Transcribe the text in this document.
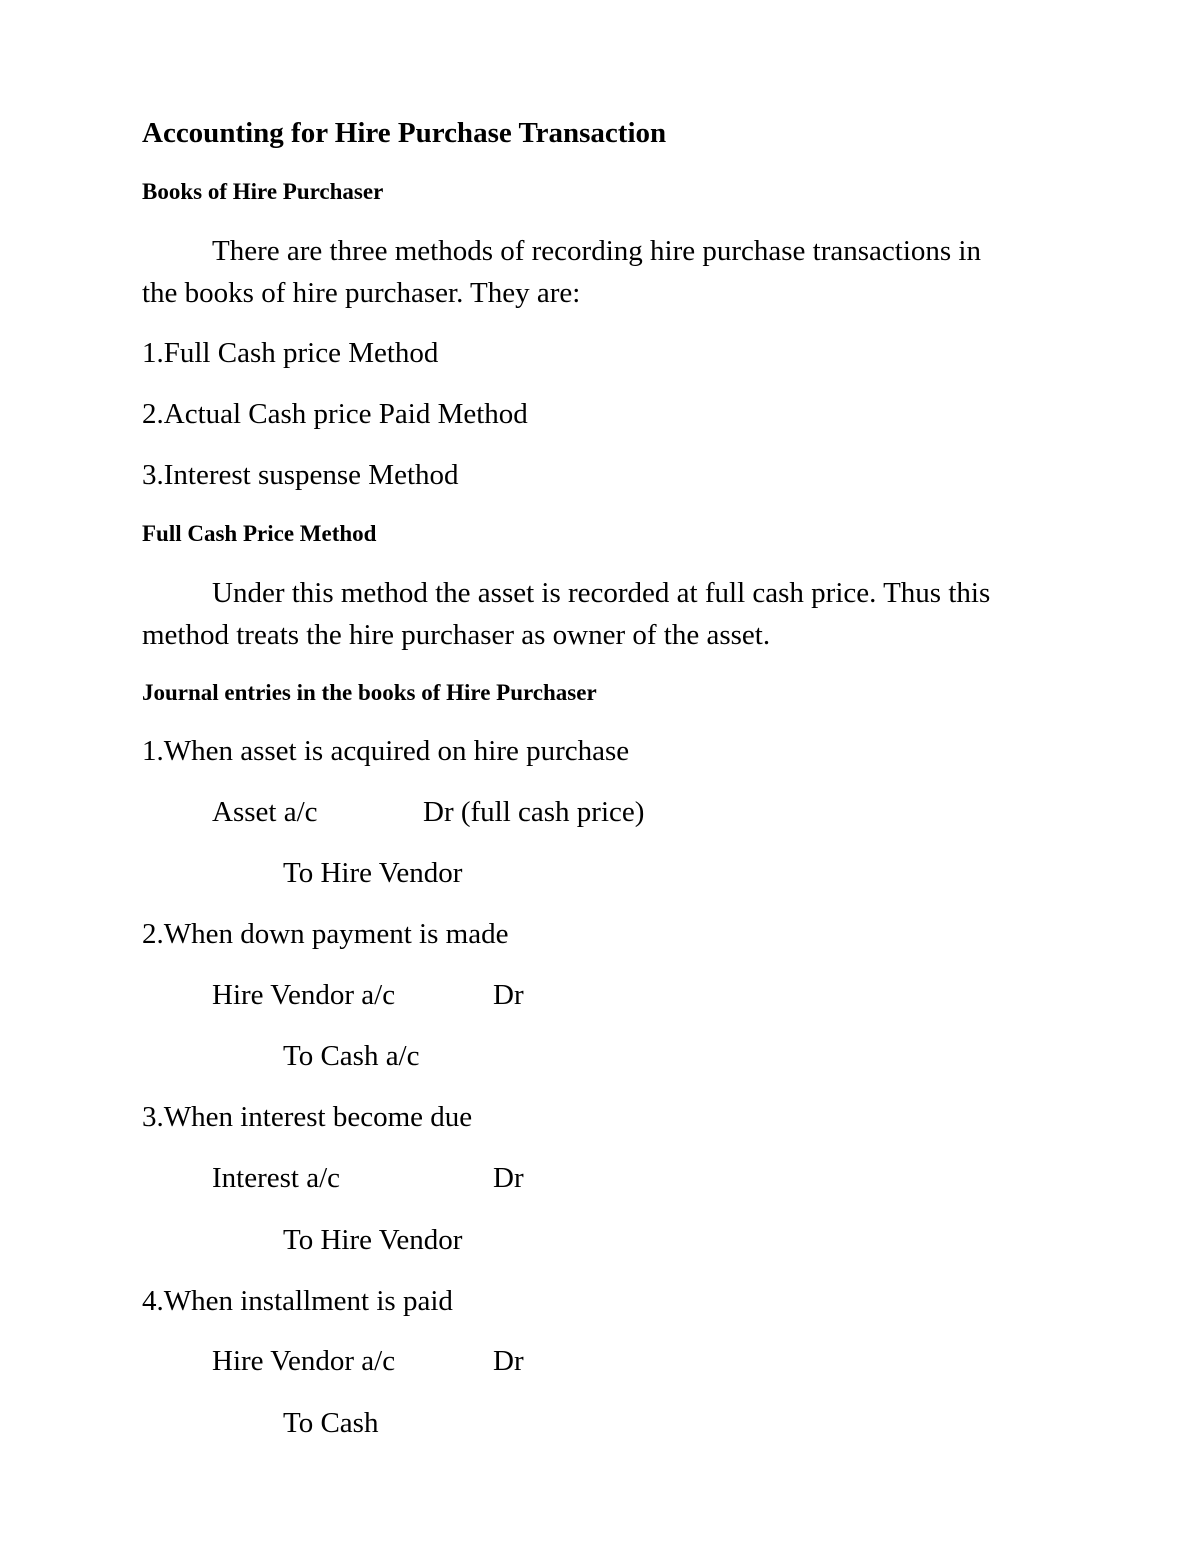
Accounting for Hire Purchase Transaction
Books of Hire Purchaser
There are three methods of recording hire purchase transactions in
the books of hire purchaser. They are:
1.Full Cash price Method
2.Actual Cash price Paid Method
3.Interest suspense Method
Full Cash Price Method
Under this method the asset is recorded at full cash price. Thus this
method treats the hire purchaser as owner of the asset.
Journal entries in the books of Hire Purchaser
1.When asset is acquired on hire purchase
Asset a/c	Dr (full cash price)
To Hire Vendor
2.When down payment is made
Hire Vendor a/c	Dr
To Cash a/c
3.When interest become due
Interest a/c	Dr
To Hire Vendor
4.When installment is paid
Hire Vendor a/c	Dr
To Cash
